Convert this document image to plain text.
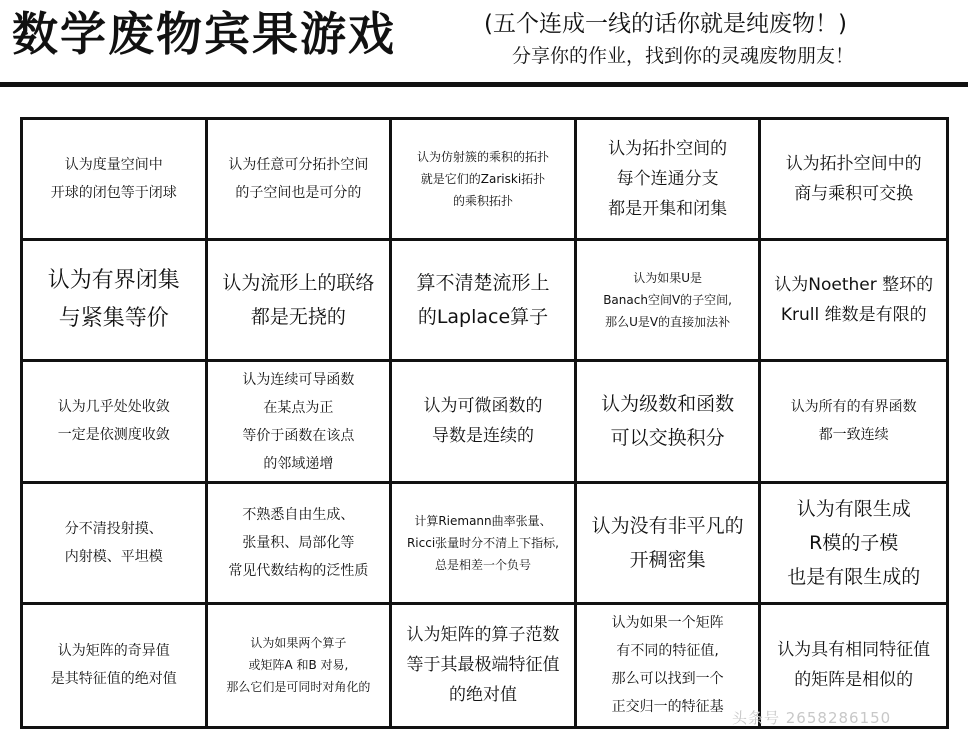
数学废物宾果游戏	(五个连成一线的话你就是纯废物！)
分享你的作业，找到你的灵魂废物朋友！
认为度量空间中
开球的闭包等于闭球
认为任意可分拓扑空间
的子空间也是可分的
认为仿射簇的乘积的拓扑
就是它们的Zariski拓扑
的乘积拓扑
认为拓扑空间的
每个连通分支
都是开集和闭集
认为拓扑空间中的
商与乘积可交换
认为有界闭集
与紧集等价
认为流形上的联络
都是无挠的
算不清楚流形上
的Laplace算子
认为如果U是
Banach空间V的子空间,
那么U是V的直接加法补
认为Noether 整环的
Krull 维数是有限的
认为几乎处处收敛
一定是依测度收敛
认为连续可导函数
在某点为正
等价于函数在该点
的邻域递增
认为可微函数的
导数是连续的
认为级数和函数
可以交换积分
认为所有的有界函数
都一致连续
分不清投射摸、
内射模、平坦模
不熟悉自由生成、
张量积、局部化等
常见代数结构的泛性质
计算Riemann曲率张量、
Ricci张量时分不清上下指标,
总是相差一个负号
认为没有非平凡的
开稠密集
认为有限生成
R模的子模
也是有限生成的
认为矩阵的奇异值
是其特征值的绝对值
认为如果两个算子
或矩阵A 和B 对易,
那么它们是可同时对角化的
认为矩阵的算子范数
等于其最极端特征值
的绝对值
认为如果一个矩阵
有不同的特征值,
那么可以找到一个
正交归一的特征基
认为具有相同特征值
的矩阵是相似的
头条号 2658286150
